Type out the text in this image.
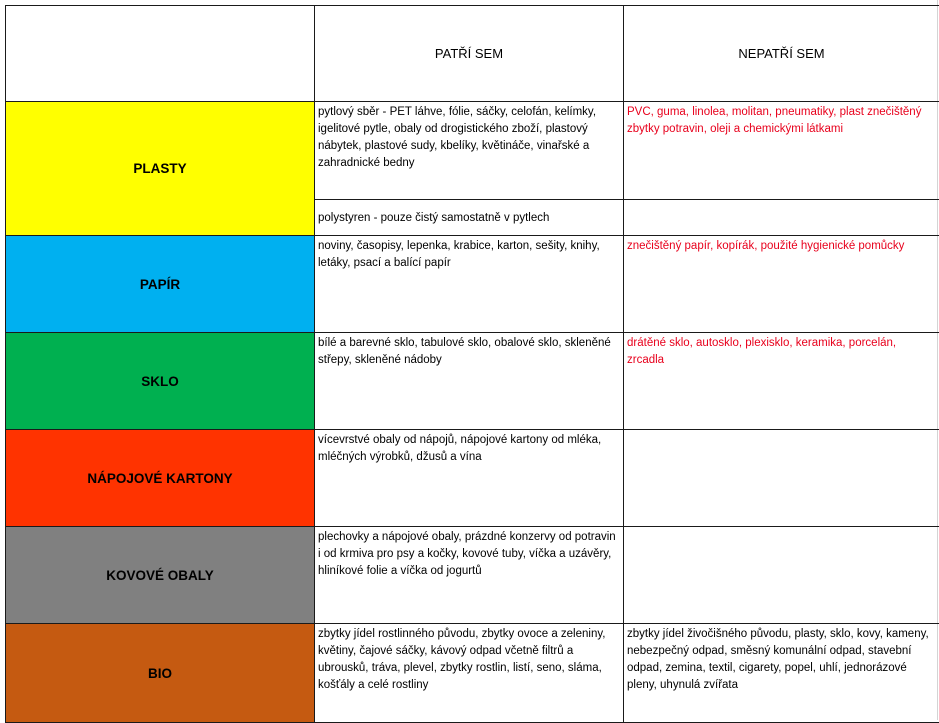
	PATŘÍ SEM	NEPATŘÍ SEM
PLASTY	pytlový sběr - PET láhve, fólie, sáčky, celofán, kelímky, igelitové pytle, obaly od drogistického zboží, plastový nábytek, plastové sudy, kbelíky, květináče, vinařské a zahradnické bedny	PVC, guma, linolea, molitan, pneumatiky, plast znečištěný zbytky potravin, oleji a chemickými látkami
	polystyren - pouze čistý samostatně v pytlech	
PAPÍR	noviny, časopisy, lepenka, krabice, karton, sešity, knihy, letáky, psací a balící papír	znečištěný papír, kopírák, použité hygienické pomůcky
SKLO	bílé a barevné sklo, tabulové sklo, obalové sklo, skleněné střepy, skleněné nádoby	drátěné sklo, autosklo, plexisklo, keramika, porcelán, zrcadla
NÁPOJOVÉ KARTONY	vícevrstvé obaly od nápojů, nápojové kartony od mléka, mléčných výrobků, džusů a vína	
KOVOVÉ OBALY	plechovky a nápojové obaly, prázdné konzervy od potravin i od krmiva pro psy a kočky, kovové tuby, víčka a uzávěry, hliníkové folie a víčka od jogurtů	
BIO	zbytky jídel rostlinného původu, zbytky ovoce a zeleniny, květiny, čajové sáčky, kávový odpad včetně filtrů a ubrousků, tráva, plevel, zbytky rostlin, listí, seno, sláma, košťály a celé rostliny	zbytky jídel živočišného původu, plasty, sklo, kovy, kameny, nebezpečný odpad, směsný komunální odpad, stavební odpad, zemina, textil, cigarety, popel, uhlí, jednorázové pleny, uhynulá zvířata
